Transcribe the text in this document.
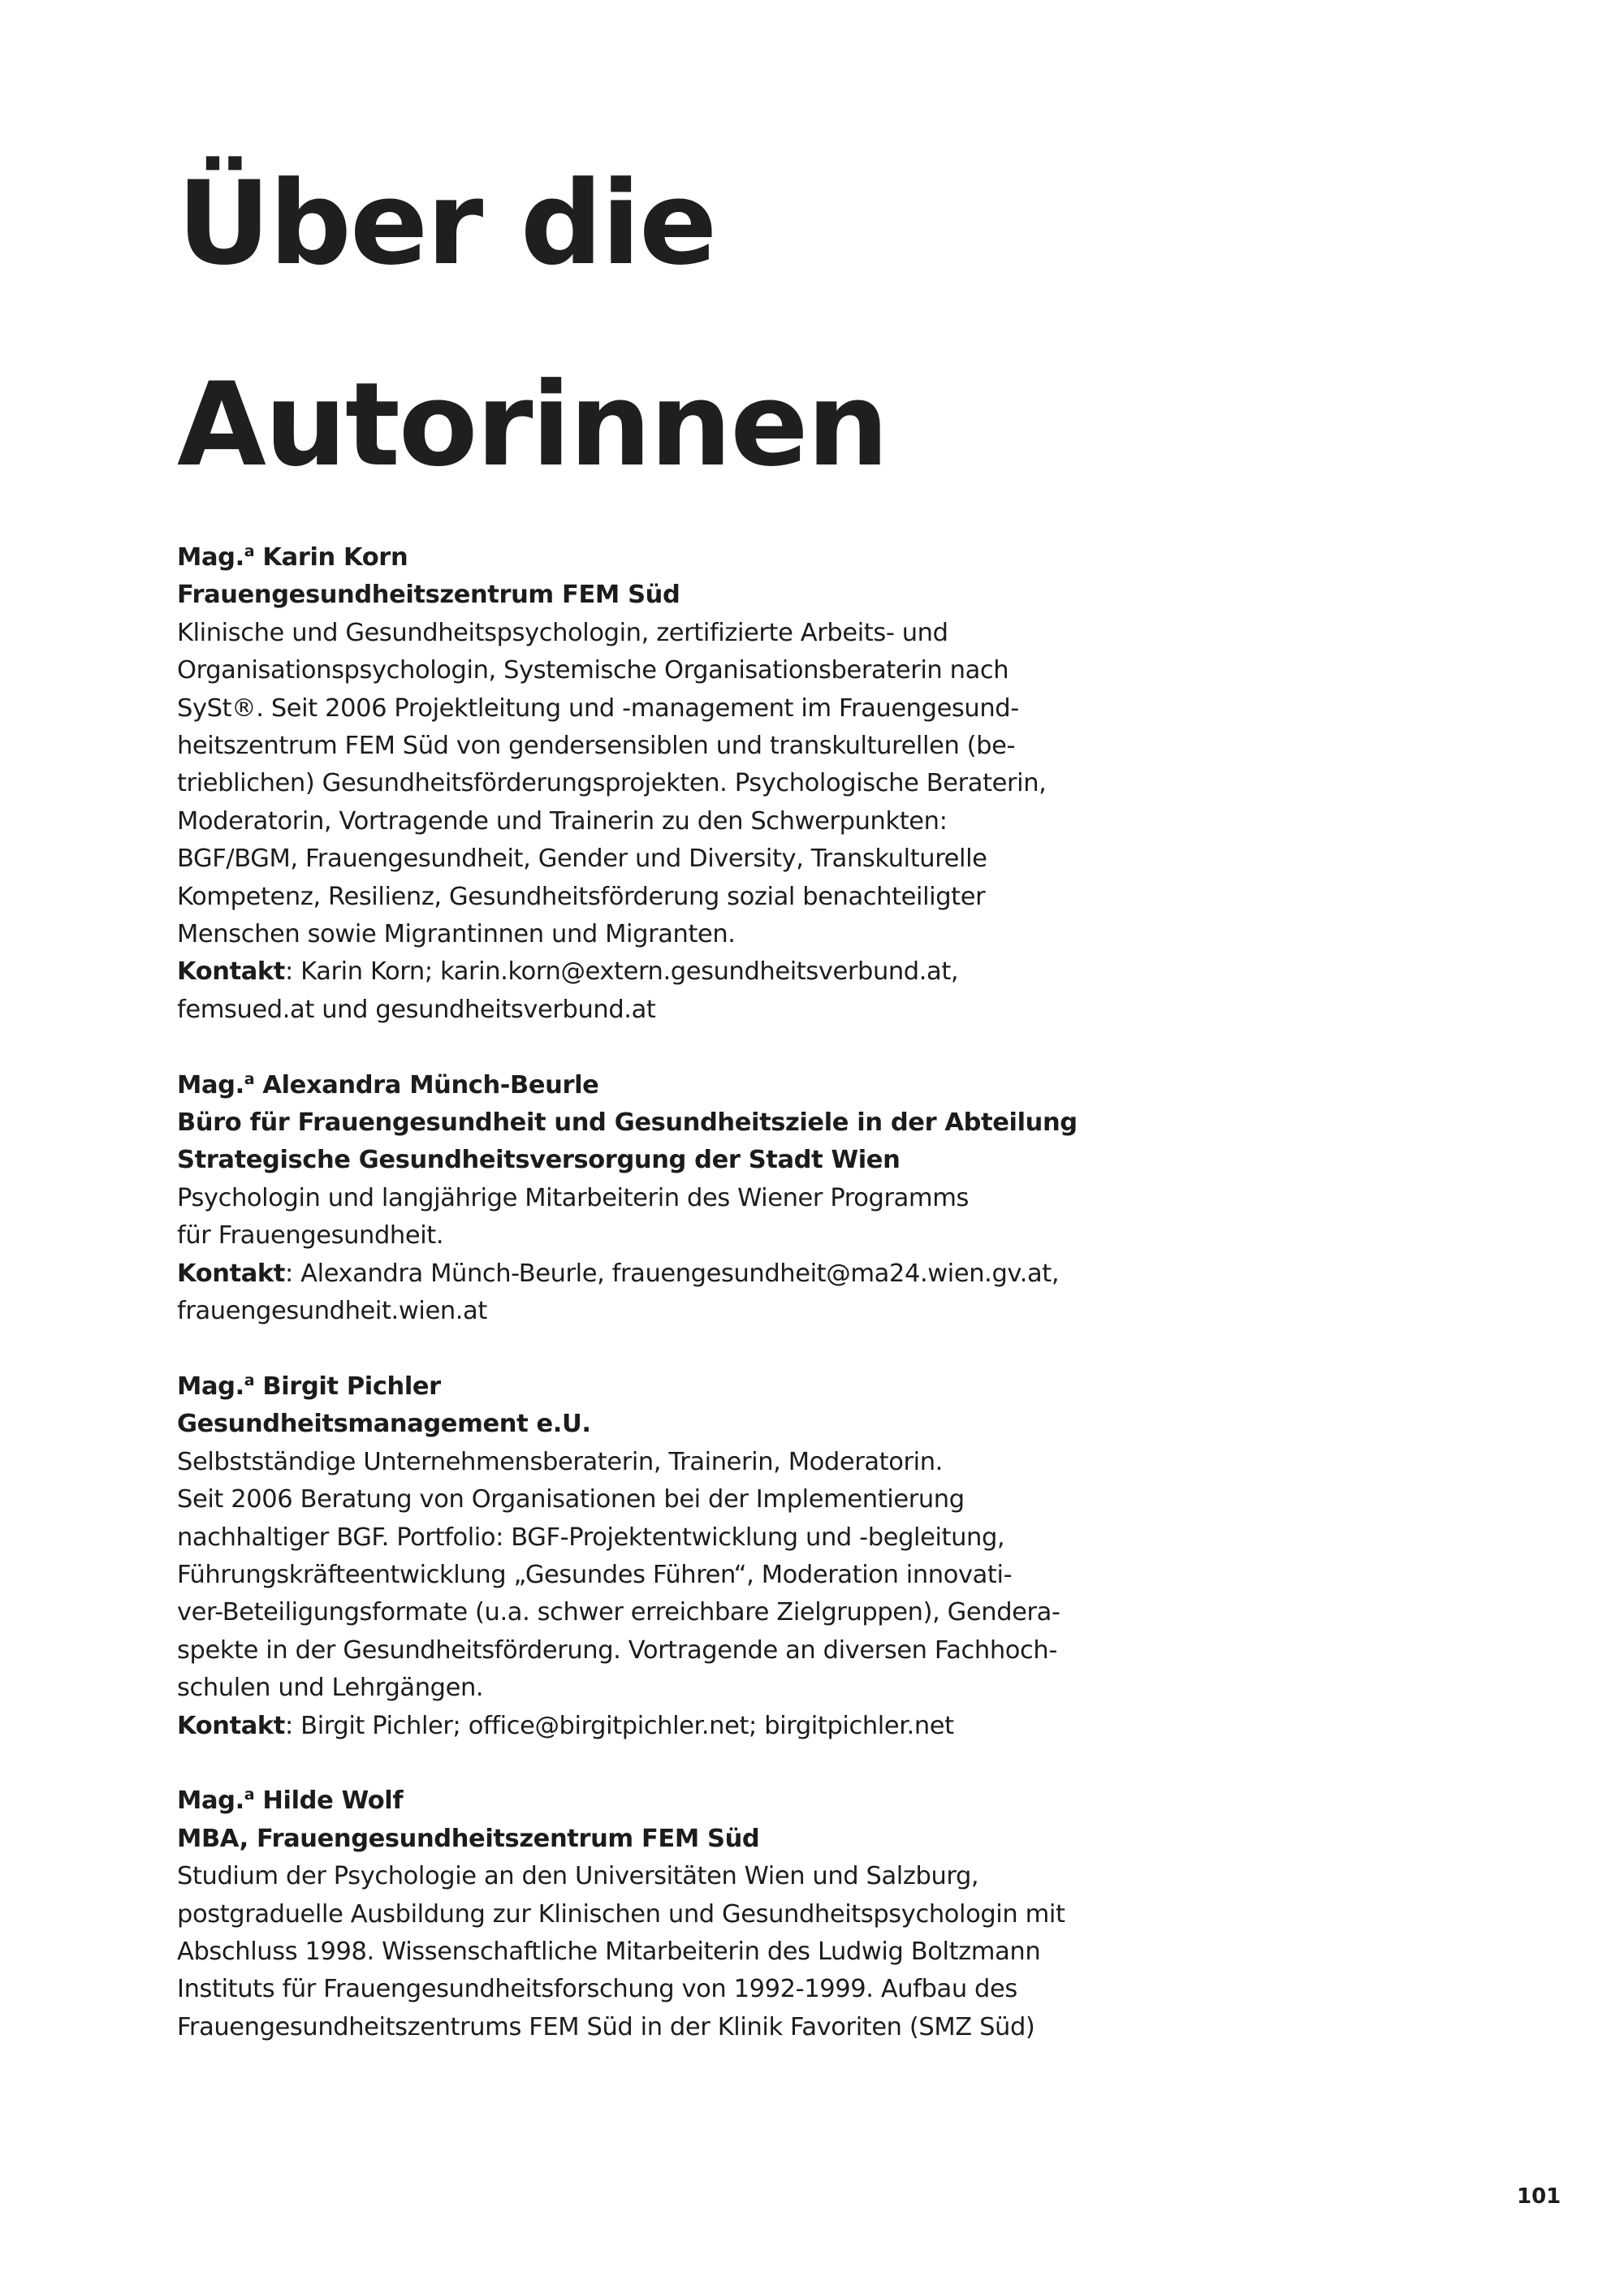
Über die
Autorinnen
Mag.$^a$ Karin Korn
Frauengesundheitszentrum FEM Süd
Klinische und Gesundheitspsychologin, zertifizierte Arbeits- und
Organisationspsychologin, Systemische Organisationsberaterin nach
SySt®. Seit 2006 Projektleitung und -management im Frauengesund-
heitszentrum FEM Süd von gendersensiblen und transkulturellen (be-
trieblichen) Gesundheitsförderungsprojekten. Psychologische Beraterin,
Moderatorin, Vortragende und Trainerin zu den Schwerpunkten:
BGF/BGM, Frauengesundheit, Gender und Diversity, Transkulturelle
Kompetenz, Resilienz, Gesundheitsförderung sozial benachteiligter
Menschen sowie Migrantinnen und Migranten.
Kontakt: Karin Korn; karin.korn@extern.gesundheitsverbund.at,
femsued.at und gesundheitsverbund.at
Mag.$^a$ Alexandra Münch-Beurle
Büro für Frauengesundheit und Gesundheitsziele in der Abteilung
Strategische Gesundheitsversorgung der Stadt Wien
Psychologin und langjährige Mitarbeiterin des Wiener Programms
für Frauengesundheit.
Kontakt: Alexandra Münch-Beurle, frauengesundheit@ma24.wien.gv.at,
frauengesundheit.wien.at
Mag.$^a$ Birgit Pichler
Gesundheitsmanagement e.U.
Selbstständige Unternehmensberaterin, Trainerin, Moderatorin.
Seit 2006 Beratung von Organisationen bei der Implementierung
nachhaltiger BGF. Portfolio: BGF-Projektentwicklung und -begleitung,
Führungskräfteentwicklung „Gesundes Führen“, Moderation innovati-
ver-Beteiligungsformate (u.a. schwer erreichbare Zielgruppen), Gendera-
spekte in der Gesundheitsförderung. Vortragende an diversen Fachhoch-
schulen und Lehrgängen.
Kontakt: Birgit Pichler; office@birgitpichler.net; birgitpichler.net
Mag.$^a$ Hilde Wolf
MBA, Frauengesundheitszentrum FEM Süd
Studium der Psychologie an den Universitäten Wien und Salzburg,
postgraduelle Ausbildung zur Klinischen und Gesundheitspsychologin mit
Abschluss 1998. Wissenschaftliche Mitarbeiterin des Ludwig Boltzmann
Instituts für Frauengesundheitsforschung von 1992-1999. Aufbau des
Frauengesundheitszentrums FEM Süd in der Klinik Favoriten (SMZ Süd)
101
